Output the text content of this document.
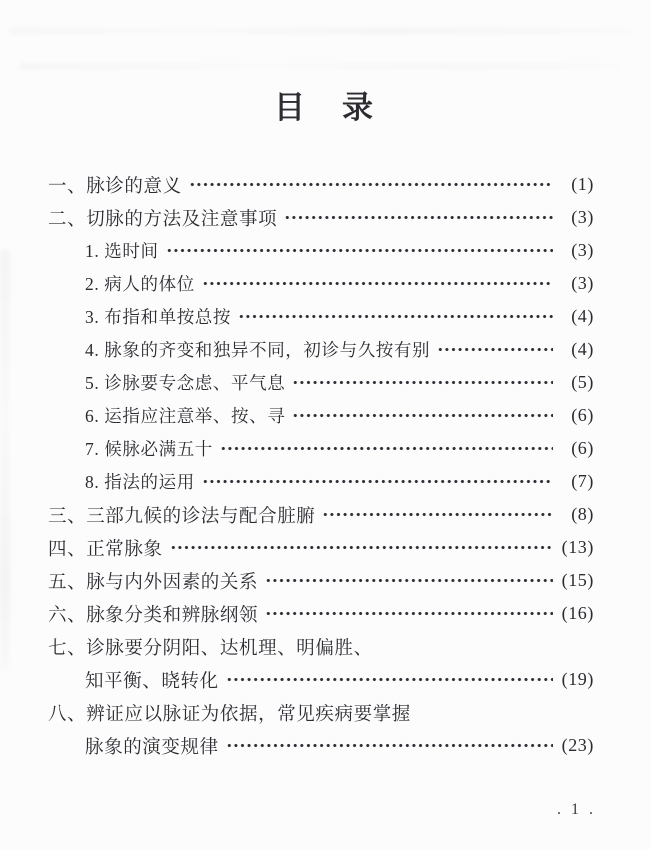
目　录
一、脉诊的意义	(1)
二、切脉的方法及注意事项	(3)
1. 选时间	(3)
2. 病人的体位	(3)
3. 布指和单按总按	(4)
4. 脉象的齐变和独异不同，初诊与久按有别	(4)
5. 诊脉要专念虑、平气息	(5)
6. 运指应注意举、按、寻	(6)
7. 候脉必满五十	(6)
8. 指法的运用	(7)
三、三部九候的诊法与配合脏腑	(8)
四、正常脉象	(13)
五、脉与内外因素的关系	(15)
六、脉象分类和辨脉纲领	(16)
七、诊脉要分阴阳、达机理、明偏胜、
知平衡、晓转化	(19)
八、辨证应以脉证为依据，常见疾病要掌握
脉象的演变规律	(23)
. 1 .
